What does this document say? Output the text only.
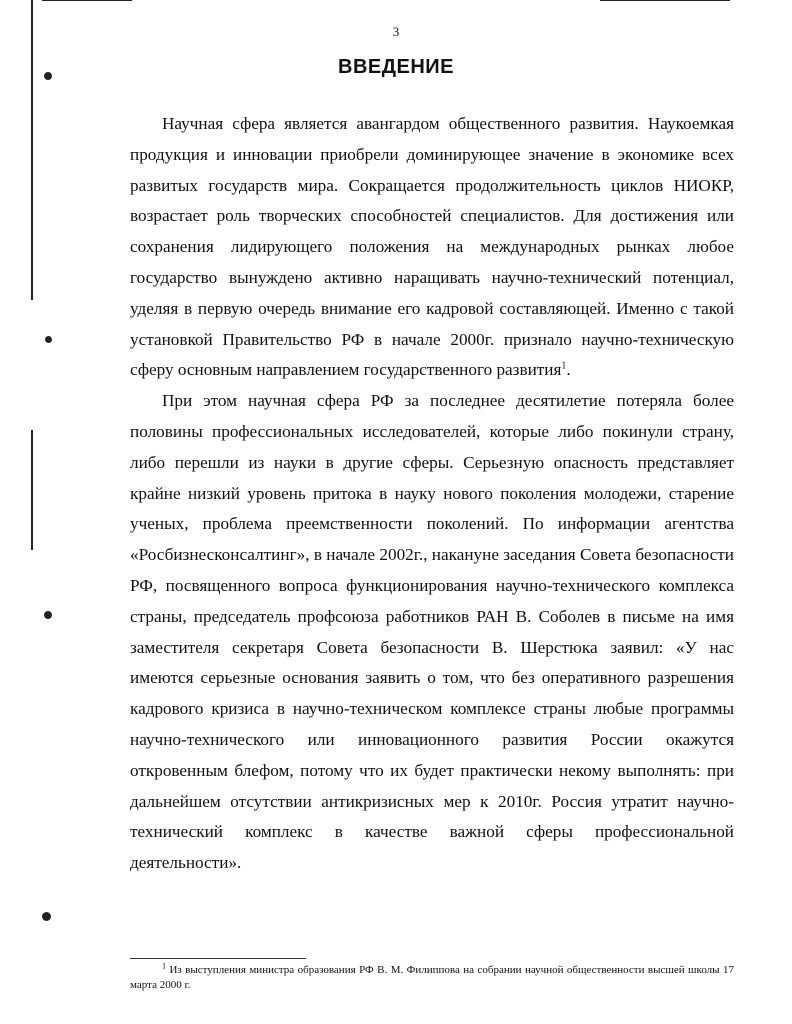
3
ВВЕДЕНИЕ

Научная сфера является авангардом общественного развития. Наукоемкая продукция и инновации приобрели доминирующее значение в экономике всех развитых государств мира. Сокращается продолжительность циклов НИОКР, возрастает роль творческих способностей специалистов. Для достижения или сохранения лидирующего положения на международных рынках любое государство вынуждено активно наращивать научно-технический потенциал, уделяя в первую очередь внимание его кадровой составляющей. Именно с такой установкой Правительство РФ в начале 2000г. признало научно-техническую сферу основным направлением государственного развития$^1$.

При этом научная сфера РФ за последнее десятилетие потеряла более половины профессиональных исследователей, которые либо покинули страну, либо перешли из науки в другие сферы. Серьезную опасность представляет крайне низкий уровень притока в науку нового поколения молодежи, старение ученых, проблема преемственности поколений. По информации агентства «Росбизнесконсалтинг», в начале 2002г., накануне заседания Совета безопасности РФ, посвященного вопроса функционирования научно-технического комплекса страны, председатель профсоюза работников РАН В. Соболев в письме на имя заместителя секретаря Совета безопасности В. Шерстюка заявил: «У нас имеются серьезные основания заявить о том, что без оперативного разрешения кадрового кризиса в научно-техническом комплексе страны любые программы научно-технического или инновационного развития России окажутся откровенным блефом, потому что их будет практически некому выполнять: при дальнейшем отсутствии антикризисных мер к 2010г. Россия утратит научно-технический комплекс в качестве важной сферы профессиональной деятельности».

$^1$ Из выступления министра образования РФ В. М. Филиппова на собрании научной общественности высшей школы 17 марта 2000 г.
